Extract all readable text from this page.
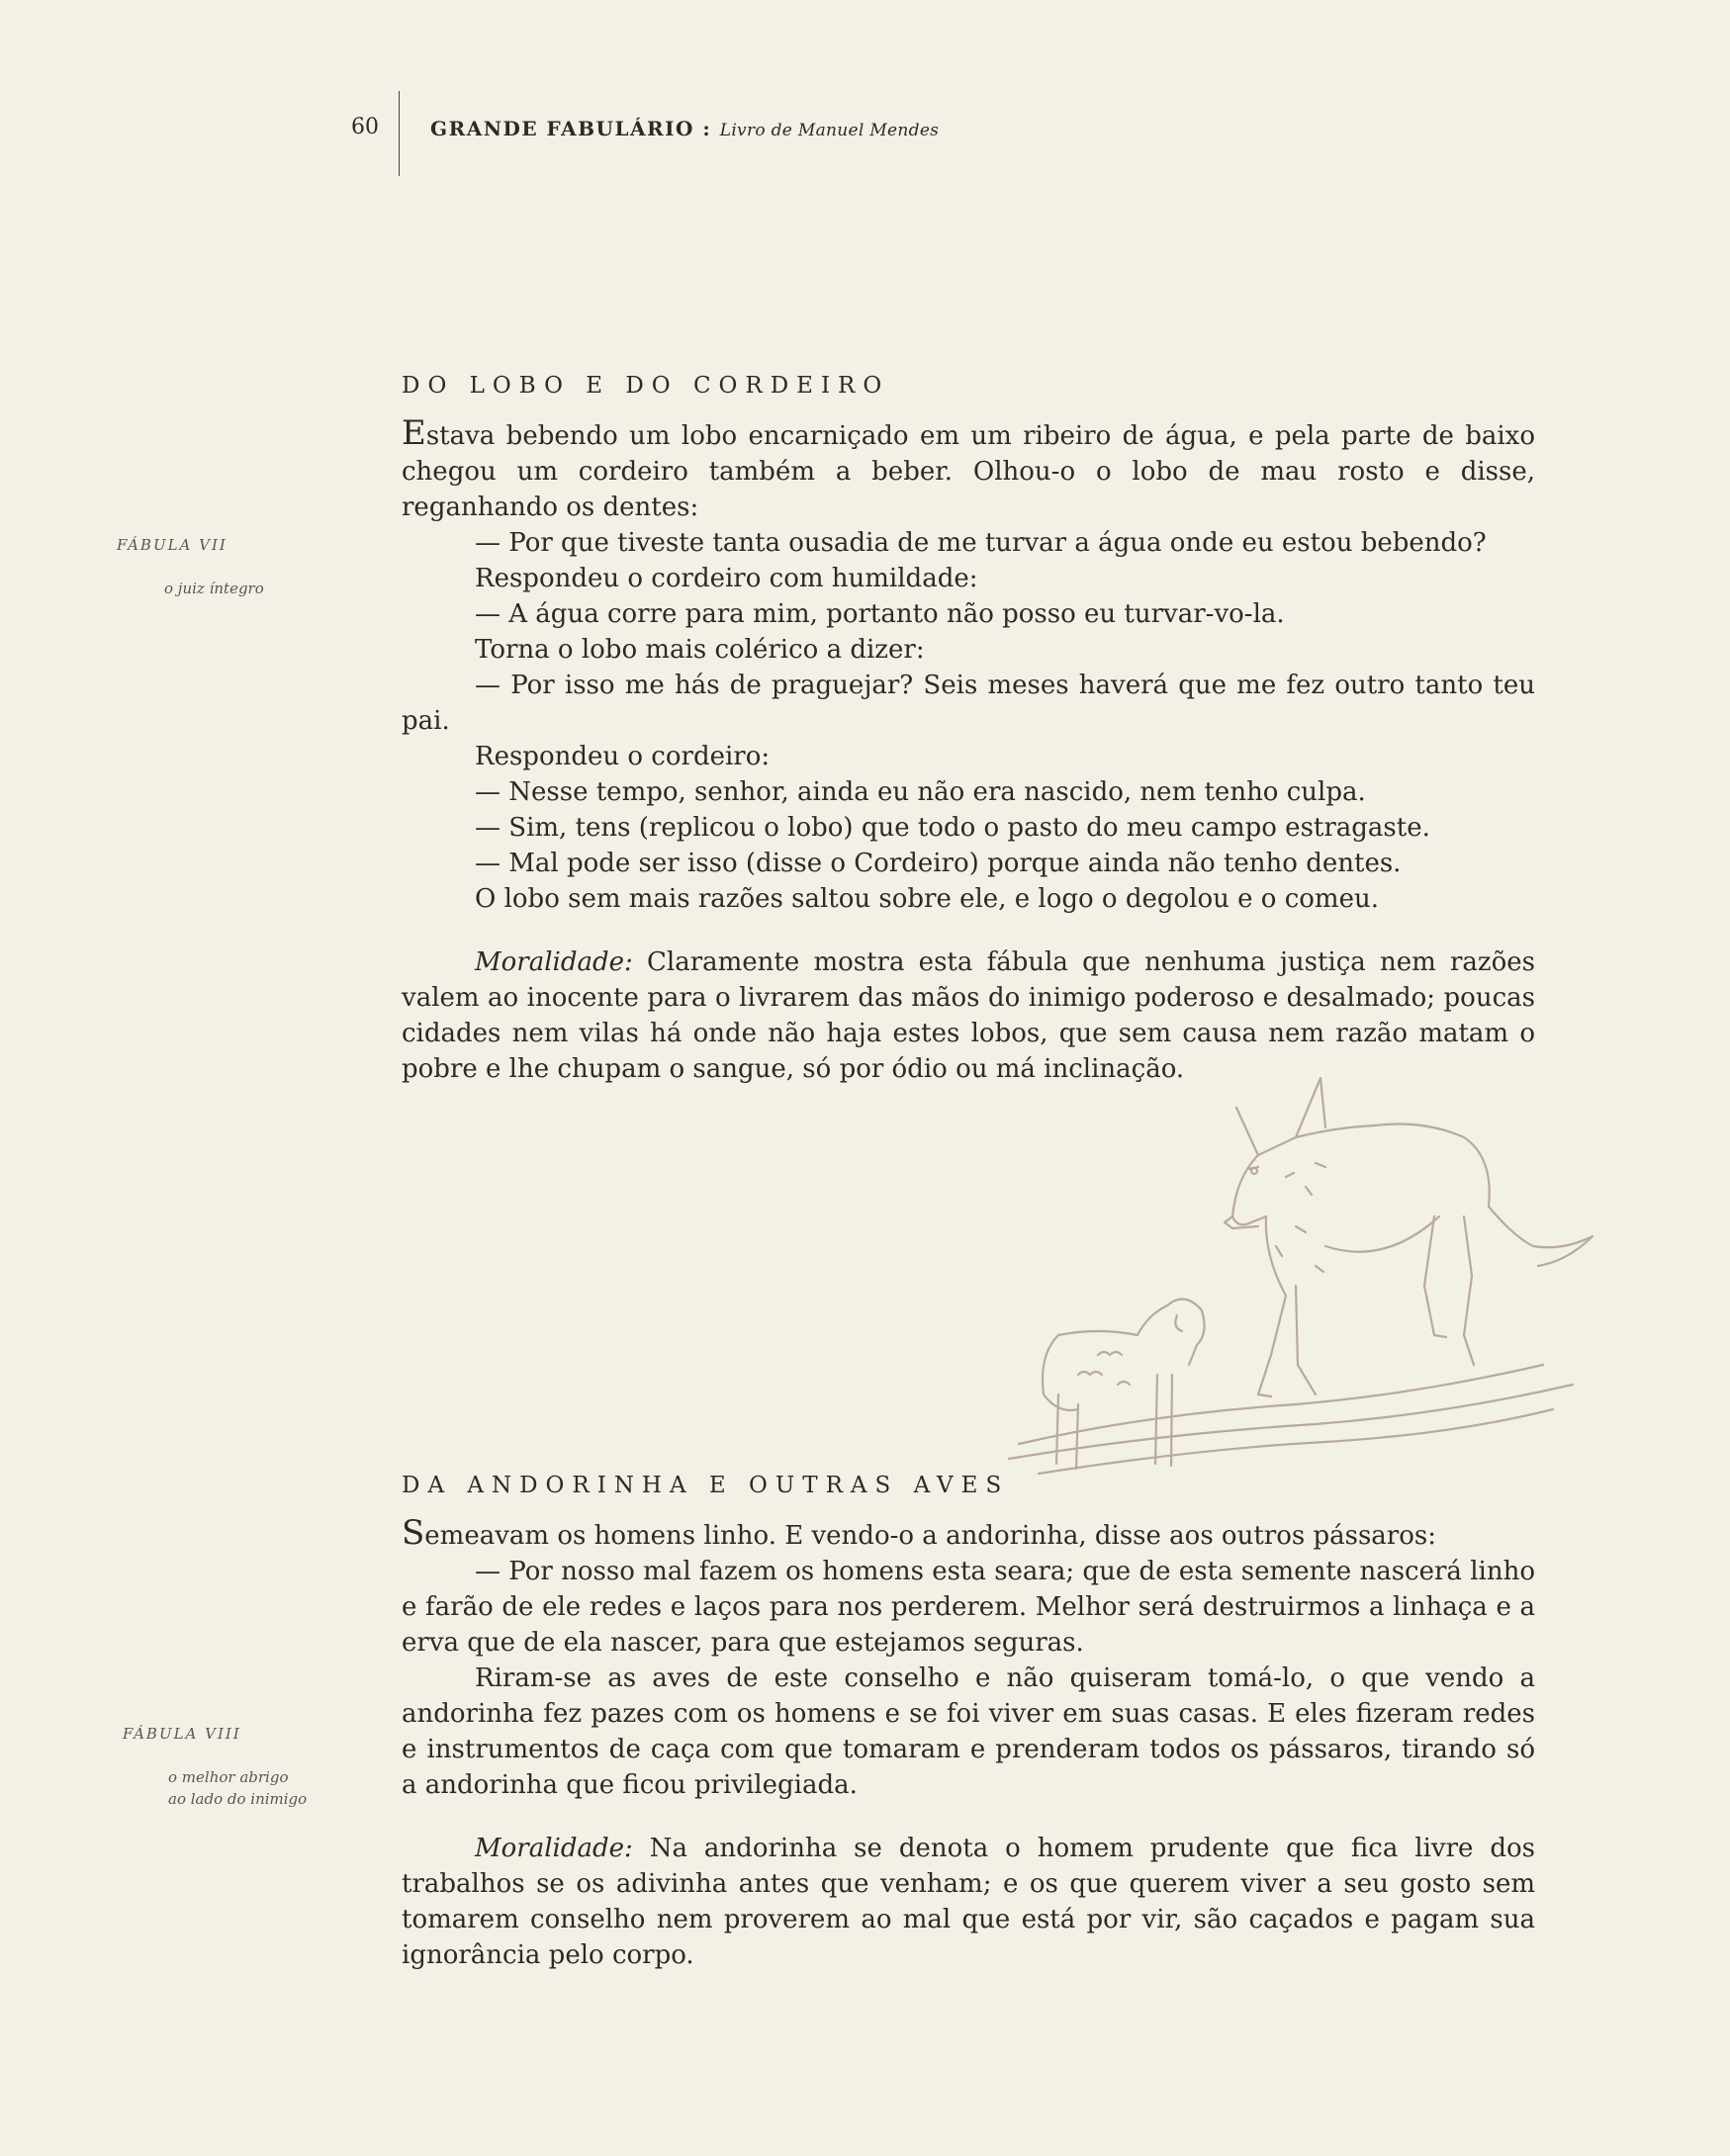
60	GRANDE FABULÁRIO : Livro de Manuel Mendes
DO LOBO E DO CORDEIRO
FÁBULA VII
o juiz íntegro

Estava bebendo um lobo encarniçado em um ribeiro de água, e pela parte de baixo chegou um cordeiro também a beber. Olhou-o o lobo de mau rosto e disse, reganhando os dentes:

— Por que tiveste tanta ousadia de me turvar a água onde eu estou bebendo?

Respondeu o cordeiro com humildade:

— A água corre para mim, portanto não posso eu turvar-vo-la.

Torna o lobo mais colérico a dizer:

— Por isso me hás de praguejar? Seis meses haverá que me fez outro tanto teu pai.

Respondeu o cordeiro:

— Nesse tempo, senhor, ainda eu não era nascido, nem tenho culpa.

— Sim, tens (replicou o lobo) que todo o pasto do meu campo estragaste.

— Mal pode ser isso (disse o Cordeiro) porque ainda não tenho dentes.

O lobo sem mais razões saltou sobre ele, e logo o degolou e o comeu.

Moralidade: Claramente mostra esta fábula que nenhuma justiça nem razões valem ao inocente para o livrarem das mãos do inimigo poderoso e desalmado; poucas cidades nem vilas há onde não haja estes lobos, que sem causa nem razão matam o pobre e lhe chupam o sangue, só por ódio ou má inclinação.

DA ANDORINHA E OUTRAS AVES
FÁBULA VIII
o melhor abrigo
ao lado do inimigo

Semeavam os homens linho. E vendo-o a andorinha, disse aos outros pássaros:

— Por nosso mal fazem os homens esta seara; que de esta semente nascerá linho e farão de ele redes e laços para nos perderem. Melhor será destruirmos a linhaça e a erva que de ela nascer, para que estejamos seguras.

Riram-se as aves de este conselho e não quiseram tomá-lo, o que vendo a andorinha fez pazes com os homens e se foi viver em suas casas. E eles fizeram redes e instrumentos de caça com que tomaram e prenderam todos os pássaros, tirando só a andorinha que ficou privilegiada.

Moralidade: Na andorinha se denota o homem prudente que fica livre dos trabalhos se os adivinha antes que venham; e os que querem viver a seu gosto sem tomarem conselho nem proverem ao mal que está por vir, são caçados e pagam sua ignorância pelo corpo.
